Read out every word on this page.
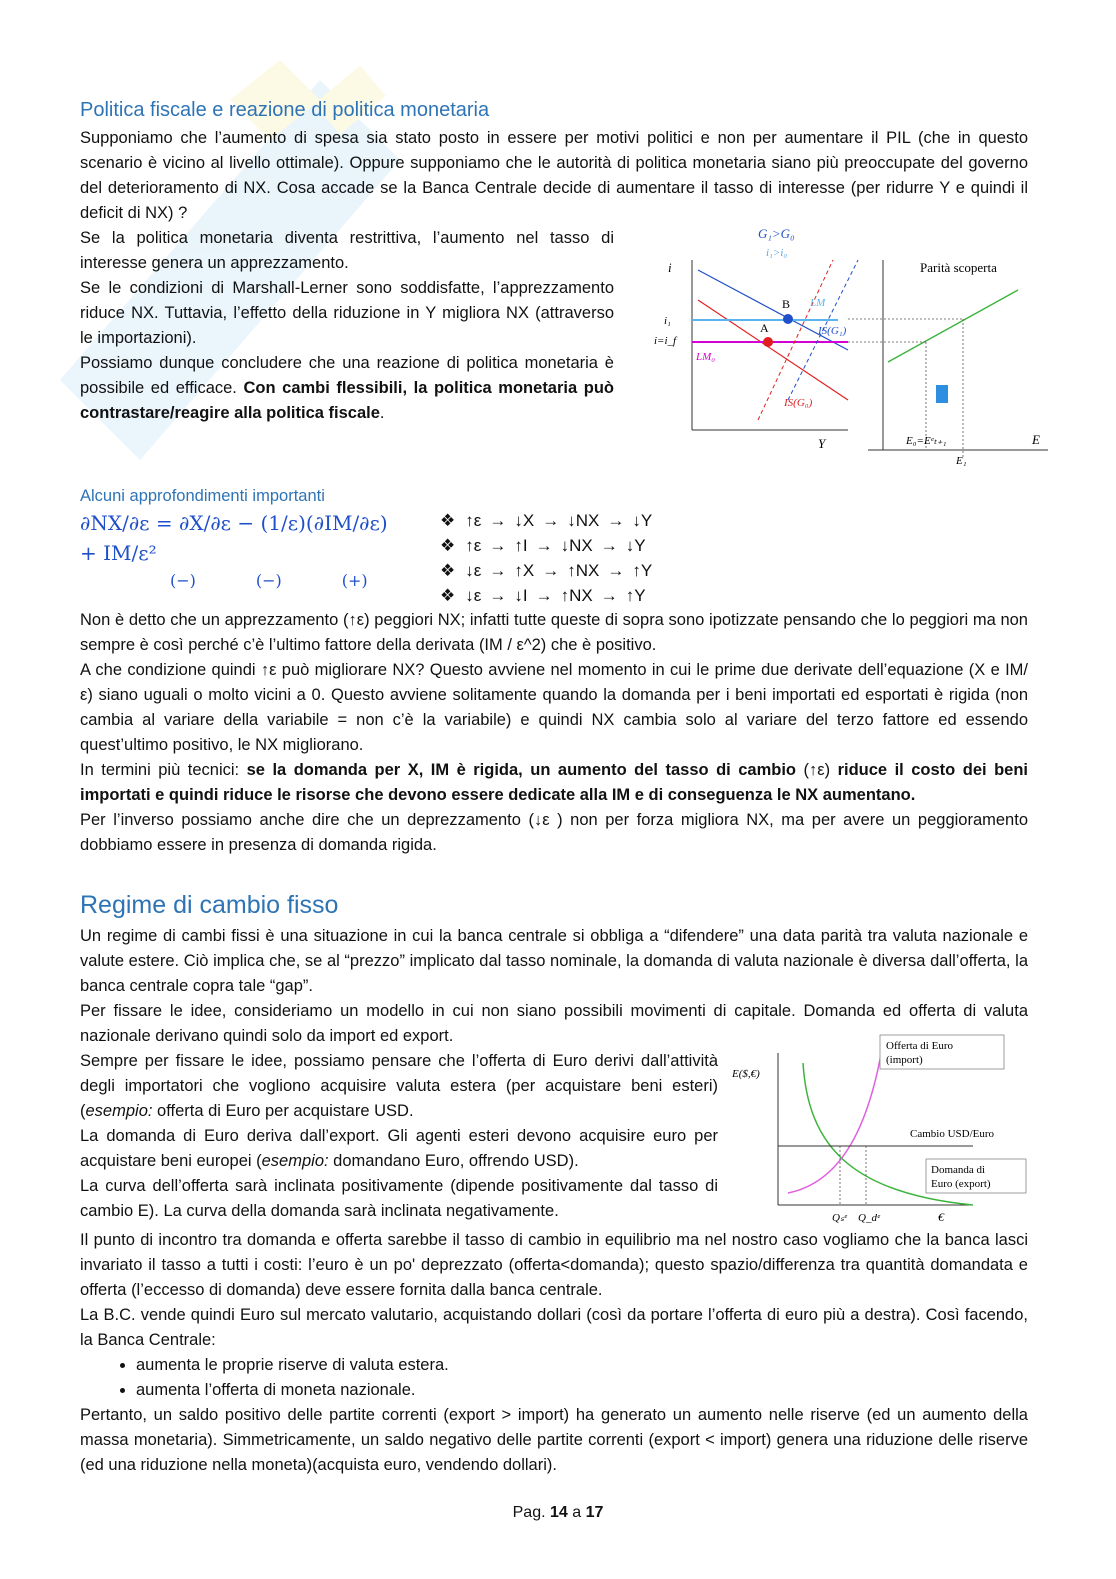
Politica fiscale e reazione di politica monetaria

Supponiamo che l’aumento di spesa sia stato posto in essere per motivi politici e non per aumentare il PIL (che in questo scenario è vicino al livello ottimale). Oppure supponiamo che le autorità di politica monetaria siano più preoccupate del governo del deterioramento di NX. Cosa accade se la Banca Centrale decide di aumentare il tasso di interesse (per ridurre Y e quindi il deficit di NX) ?

Se la politica monetaria diventa restrittiva, l’aumento nel tasso di interesse genera un apprezzamento.

Se le condizioni di Marshall-Lerner sono soddisfatte, l’apprezzamento riduce NX. Tuttavia, l’effetto della riduzione in Y migliora NX (attraverso le importazioni).

Possiamo dunque concludere che una reazione di politica monetaria è possibile ed efficace. Con cambi flessibili, la politica monetaria può contrastare/reagire alla politica fiscale.

i
Y
G₁>G₀
i₁>i₀
A
B LM
LM₀
IS(G₁)
IS(G₀)
i₁
i=i_f
Parità scoperta
E₀=Eᵉₜ₊₁
E₁
E
Alcuni approfondimenti importanti
∂NX/∂ε = ∂X/∂ε − (1/ε)(∂IM/∂ε) + IM/ε²
(−)	(−)	(+)
❖ ↑ε → ↓X → ↓NX → ↓Y
❖ ↑ε → ↑I → ↓NX → ↓Y
❖ ↓ε → ↑X → ↑NX → ↑Y
❖ ↓ε → ↓I → ↑NX → ↑Y

Non è detto che un apprezzamento (↑ε) peggiori NX; infatti tutte queste di sopra sono ipotizzate pensando che lo peggiori ma non sempre è così perché c’è l’ultimo fattore della derivata (IM / ε^2) che è positivo.

A che condizione quindi ↑ε può migliorare NX? Questo avviene nel momento in cui le prime due derivate dell’equazione (X e IM/ ε) siano uguali o molto vicini a 0. Questo avviene solitamente quando la domanda per i beni importati ed esportati è rigida (non cambia al variare della variabile = non c’è la variabile) e quindi NX cambia solo al variare del terzo fattore ed essendo quest’ultimo positivo, le NX migliorano.

In termini più tecnici: se la domanda per X, IM è rigida, un aumento del tasso di cambio (↑ε) riduce il costo dei beni importati e quindi riduce le risorse che devono essere dedicate alla IM e di conseguenza le NX aumentano.

Per l’inverso possiamo anche dire che un deprezzamento (↓ε ) non per forza migliora NX, ma per avere un peggioramento dobbiamo essere in presenza di domanda rigida.

Regime di cambio fisso

Un regime di cambi fissi è una situazione in cui la banca centrale si obbliga a “difendere” una data parità tra valuta nazionale e valute estere. Ciò implica che, se al “prezzo” implicato dal tasso nominale, la domanda di valuta nazionale è diversa dall’offerta, la banca centrale copra tale “gap”.

Per fissare le idee, consideriamo un modello in cui non siano possibili movimenti di capitale. Domanda ed offerta di valuta nazionale derivano quindi solo da import ed export.

Sempre per fissare le idee, possiamo pensare che l’offerta di Euro derivi dall’attività degli importatori che vogliono acquisire valuta estera (per acquistare beni esteri) (esempio: offerta di Euro per acquistare USD.

La domanda di Euro deriva dall’export. Gli agenti esteri devono acquisire euro per acquistare beni europei (esempio: domandano Euro, offrendo USD).

La curva dell’offerta sarà inclinata positivamente (dipende positivamente dal tasso di cambio E). La curva della domanda sarà inclinata negativamente.

E($,€)
€
Qₛᵉ Q_dᵉ
Offerta di Euro
(import)
Cambio USD/Euro
Domanda di
Euro (export)

Il punto di incontro tra domanda e offerta sarebbe il tasso di cambio in equilibrio ma nel nostro caso vogliamo che la banca lasci invariato il tasso a tutti i costi: l’euro è un po' deprezzato (offerta<domanda); questo spazio/differenza tra quantità domandata e offerta (l’eccesso di domanda) deve essere fornita dalla banca centrale.

La B.C. vende quindi Euro sul mercato valutario, acquistando dollari (così da portare l’offerta di euro più a destra). Così facendo, la Banca Centrale:

• aumenta le proprie riserve di valuta estera.
• aumenta l’offerta di moneta nazionale.

Pertanto, un saldo positivo delle partite correnti (export > import) ha generato un aumento nelle riserve (ed un aumento della massa monetaria). Simmetricamente, un saldo negativo delle partite correnti (export < import) genera una riduzione delle riserve (ed una riduzione nella moneta)(acquista euro, vendendo dollari).

Pag. 14 a 17
